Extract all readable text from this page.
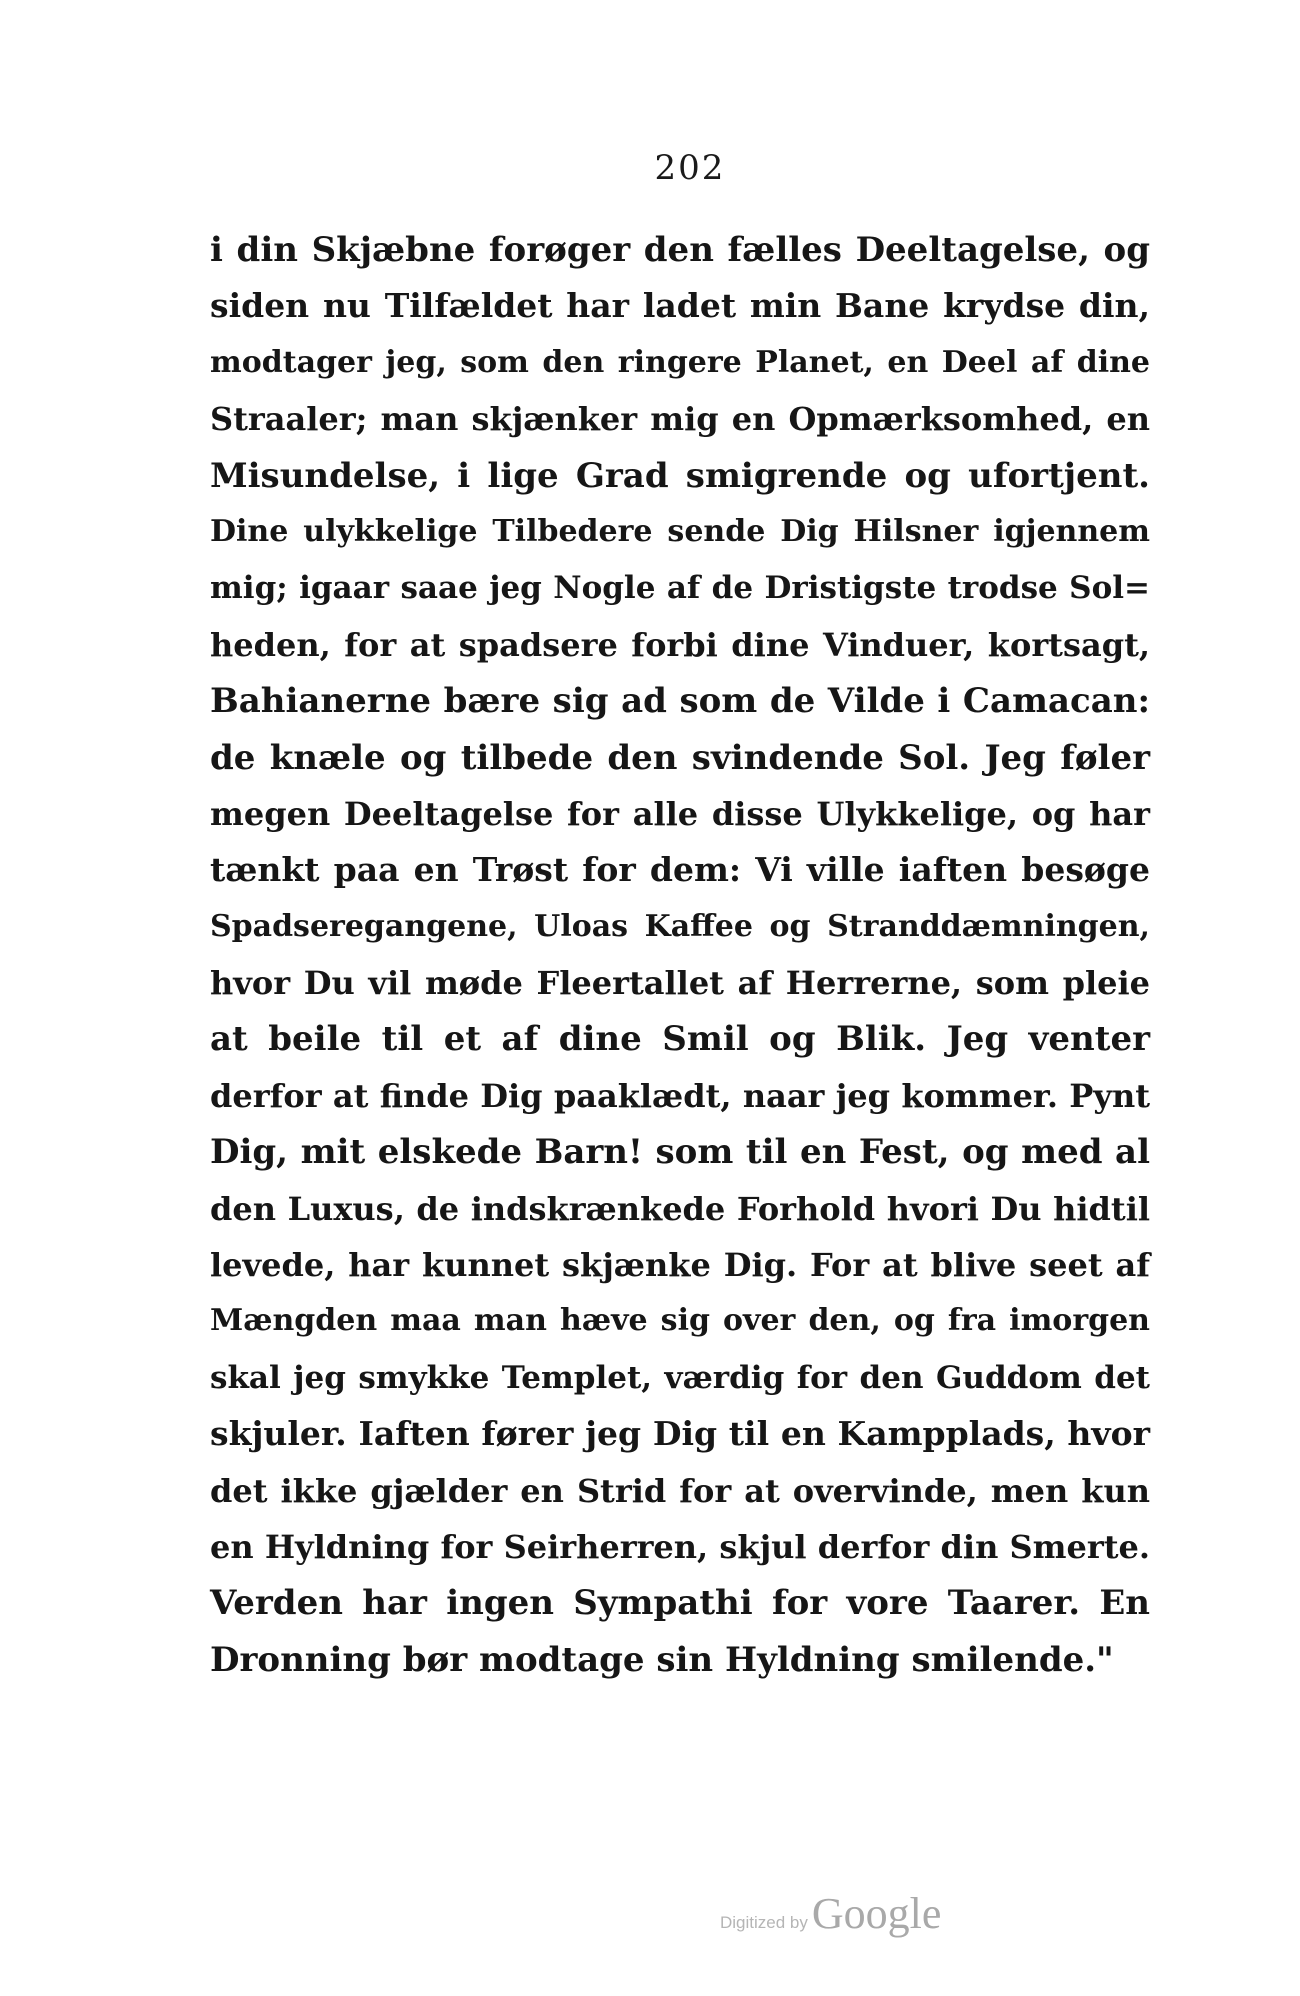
202
i din Skjæbne forøger den fælles Deeltagelse, og
siden nu Tilfældet har ladet min Bane krydse din,
modtager jeg, som den ringere Planet, en Deel af dine
Straaler; man skjænker mig en Opmærksomhed, en
Misundelse, i lige Grad smigrende og ufortjent.
Dine ulykkelige Tilbedere sende Dig Hilsner igjennem
mig; igaar saae jeg Nogle af de Dristigste trodse Sol=
heden, for at spadsere forbi dine Vinduer, kortsagt,
Bahianerne bære sig ad som de Vilde i Camacan:
de knæle og tilbede den svindende Sol. Jeg føler
megen Deeltagelse for alle disse Ulykkelige, og har
tænkt paa en Trøst for dem: Vi ville iaften besøge
Spadseregangene, Uloas Kaffee og Stranddæmningen,
hvor Du vil møde Fleertallet af Herrerne, som pleie
at beile til et af dine Smil og Blik. Jeg venter
derfor at finde Dig paaklædt, naar jeg kommer. Pynt
Dig, mit elskede Barn! som til en Fest, og med al
den Luxus, de indskrænkede Forhold hvori Du hidtil
levede, har kunnet skjænke Dig. For at blive seet af
Mængden maa man hæve sig over den, og fra imorgen
skal jeg smykke Templet, værdig for den Guddom det
skjuler. Iaften fører jeg Dig til en Kampplads, hvor
det ikke gjælder en Strid for at overvinde, men kun
en Hyldning for Seirherren, skjul derfor din Smerte.
Verden har ingen Sympathi for vore Taarer. En
Dronning bør modtage sin Hyldning smilende."
Digitized byGoogle
